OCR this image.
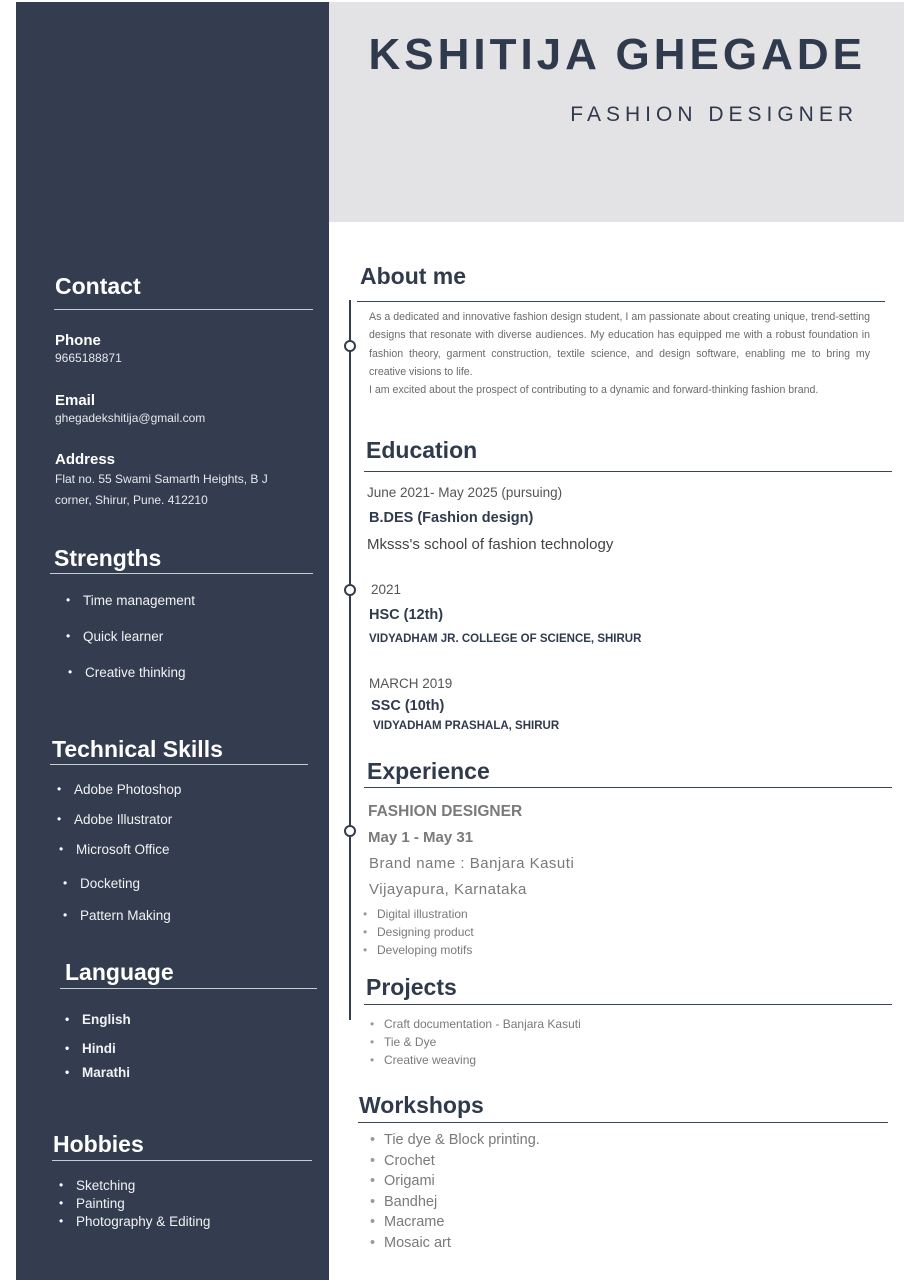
KSHITIJA GHEGADE
FASHION DESIGNER
Contact
Phone
9665188871
Email
ghegadekshitija@gmail.com
Address
Flat no. 55 Swami Samarth Heights, B J
corner, Shirur, Pune. 412210
Strengths
• Time management
• Quick learner
• Creative thinking
Technical Skills
• Adobe Photoshop
• Adobe Illustrator
• Microsoft Office
• Docketing
• Pattern Making
Language
• English
• Hindi
• Marathi
Hobbies
• Sketching
• Painting
• Photography & Editing
About me

As a dedicated and innovative fashion design student, I am passionate about creating unique, trend-setting designs that resonate with diverse audiences. My education has equipped me with a robust foundation in fashion theory, garment construction, textile science, and design software, enabling me to bring my creative visions to life.

I am excited about the prospect of contributing to a dynamic and forward-thinking fashion brand.

Education
June 2021- May 2025 (pursuing)
B.DES (Fashion design)
Mksss's school of fashion technology
2021
HSC (12th)
VIDYADHAM JR. COLLEGE OF SCIENCE, SHIRUR
MARCH 2019
SSC (10th)
VIDYADHAM PRASHALA, SHIRUR
Experience
FASHION DESIGNER
May 1 - May 31
Brand name : Banjara Kasuti
Vijayapura, Karnataka
• Digital illustration
• Designing product
• Developing motifs
Projects
• Craft documentation - Banjara Kasuti
• Tie & Dye
• Creative weaving
Workshops
• Tie dye & Block printing.
• Crochet
• Origami
• Bandhej
• Macrame
• Mosaic art
